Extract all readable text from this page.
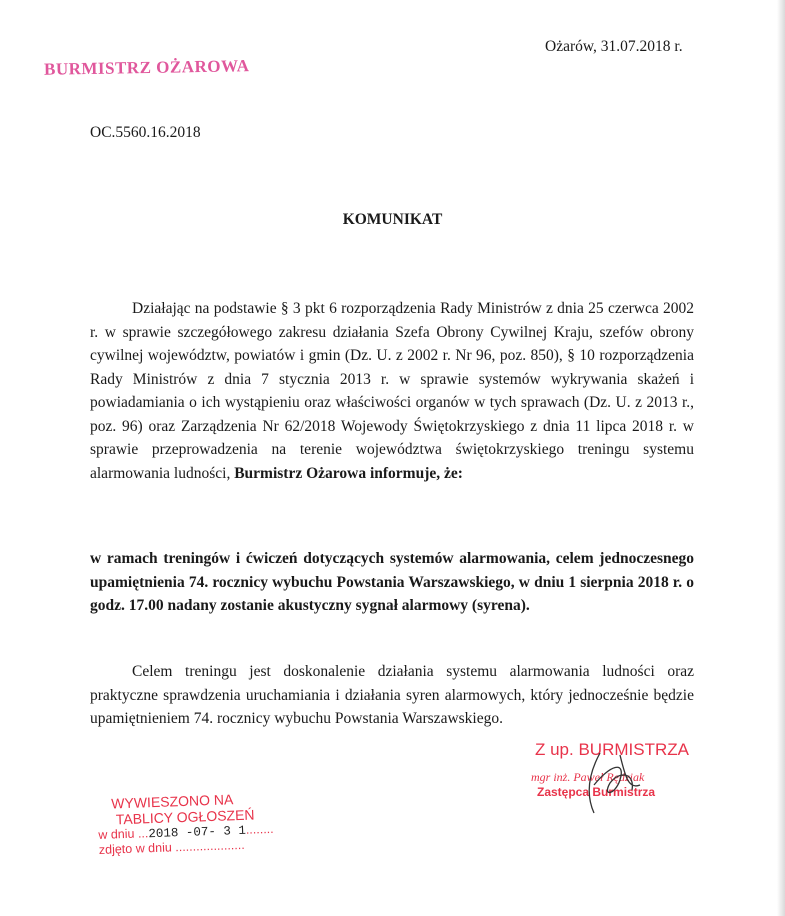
BURMISTRZ OŻAROWA
Ożarów, 31.07.2018 r.
OC.5560.16.2018
KOMUNIKAT
Działając na podstawie § 3 pkt 6 rozporządzenia Rady Ministrów z dnia 25 czerwca 2002 r. w sprawie szczegółowego zakresu działania Szefa Obrony Cywilnej Kraju, szefów obrony cywilnej województw, powiatów i gmin (Dz. U. z 2002 r. Nr 96, poz. 850), § 10 rozporządzenia Rady Ministrów z dnia 7 stycznia 2013 r. w sprawie systemów wykrywania skażeń i powiadamiania o ich wystąpieniu oraz właściwości organów w tych sprawach (Dz. U. z 2013 r., poz. 96) oraz Zarządzenia Nr 62/2018 Wojewody Świętokrzyskiego z dnia 11 lipca 2018 r. w sprawie przeprowadzenia na terenie województwa świętokrzyskiego treningu systemu alarmowania ludności, Burmistrz Ożarowa informuje, że:
w ramach treningów i ćwiczeń dotyczących systemów alarmowania, celem jednoczesnego upamiętnienia 74. rocznicy wybuchu Powstania Warszawskiego, w dniu 1 sierpnia 2018 r. o godz. 17.00 nadany zostanie akustyczny sygnał alarmowy (syrena).
Celem treningu jest doskonalenie działania systemu alarmowania ludności oraz praktyczne sprawdzenia uruchamiania i działania syren alarmowych, który jednocześnie będzie upamiętnieniem 74. rocznicy wybuchu Powstania Warszawskiego.
Z up. BURMISTRZA
mgr inż. Paweł Rędziak
Zastępca Burmistrza
WYWIESZONO NA
TABLICY OGŁOSZEŃ
w dniu ...2018 -07- 3 1........
zdjęto w dniu ....................
